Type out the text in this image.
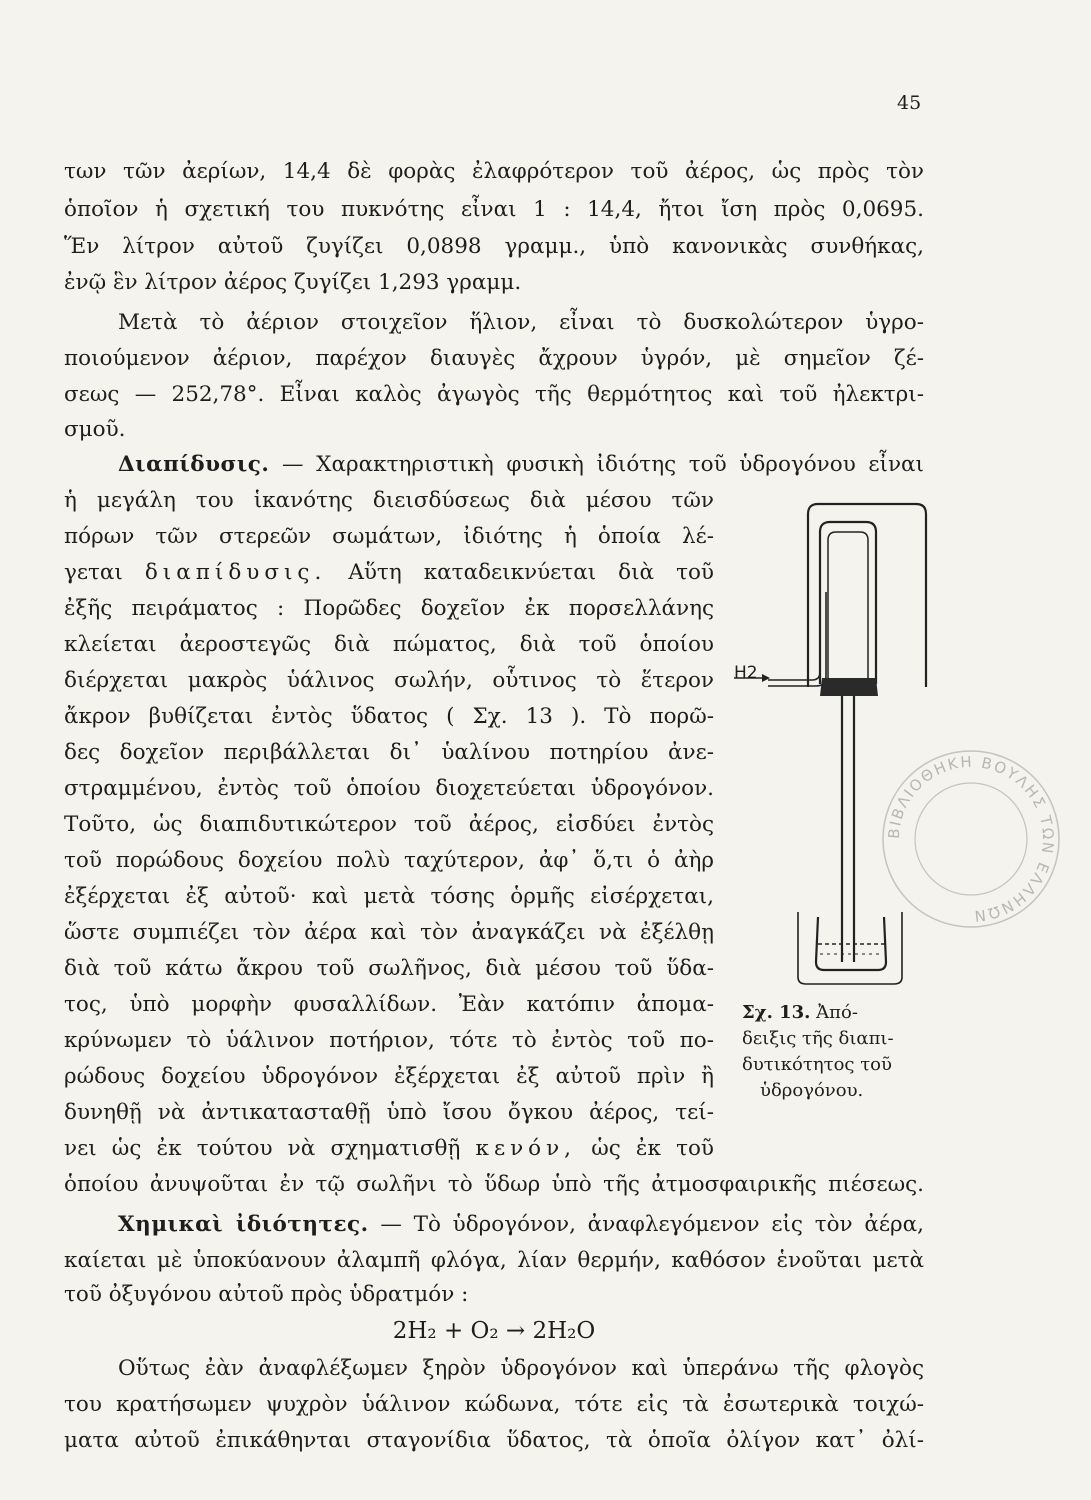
45
των τῶν ἀερίων, 14,4 δὲ φορὰς ἐλαφρότερον τοῦ ἀέρος, ὡς πρὸς τὸν
ὁποῖον ἡ σχετική του πυκνότης εἶναι 1 : 14,4, ἤτοι ἴση πρὸς 0,0695.
Ἕν λίτρον αὐτοῦ ζυγίζει 0,0898 γραμμ., ὑπὸ κανονικὰς συνθήκας,
ἐνῷ ἓν λίτρον ἀέρος ζυγίζει 1,293 γραμμ.
Μετὰ τὸ ἀέριον στοιχεῖον ἥλιον, εἶναι τὸ δυσκολώτερον ὑγρο-
ποιούμενον ἀέριον, παρέχον διαυγὲς ἄχρουν ὑγρόν, μὲ σημεῖον ζέ-
σεως — 252,78°. Εἶναι καλὸς ἀγωγὸς τῆς θερμότητος καὶ τοῦ ἠλεκτρι-
σμοῦ.
Διαπίδυσις. — Χαρακτηριστικὴ φυσικὴ ἰδιότης τοῦ ὑδρογόνου εἶναι
ἡ μεγάλη του ἱκανότης διεισδύσεως διὰ μέσου τῶν
πόρων τῶν στερεῶν σωμάτων, ἰδιότης ἡ ὁποία λέ-
γεται διαπίδυσις. Αὕτη καταδεικνύεται διὰ τοῦ
ἐξῆς πειράματος : Πορῶδες δοχεῖον ἐκ πορσελλάνης
κλείεται ἀεροστεγῶς διὰ πώματος, διὰ τοῦ ὁποίου
διέρχεται μακρὸς ὑάλινος σωλήν, οὗτινος τὸ ἕτερον
ἄκρον βυθίζεται ἐντὸς ὕδατος ( Σχ. 13 ). Τὸ πορῶ-
δες δοχεῖον περιβάλλεται δι᾽ ὑαλίνου ποτηρίου ἀνε-
στραμμένου, ἐντὸς τοῦ ὁποίου διοχετεύεται ὑδρογόνον.
Τοῦτο, ὡς διαπιδυτικώτερον τοῦ ἀέρος, εἰσδύει ἐντὸς
τοῦ πορώδους δοχείου πολὺ ταχύτερον, ἀφ᾽ ὅ,τι ὁ ἀὴρ
ἐξέρχεται ἐξ αὐτοῦ· καὶ μετὰ τόσης ὁρμῆς εἰσέρχεται,
ὥστε συμπιέζει τὸν ἀέρα καὶ τὸν ἀναγκάζει νὰ ἐξέλθῃ
διὰ τοῦ κάτω ἄκρου τοῦ σωλῆνος, διὰ μέσου τοῦ ὕδα-
τος, ὑπὸ μορφὴν φυσαλλίδων. Ἐὰν κατόπιν ἀπομα-
κρύνωμεν τὸ ὑάλινον ποτήριον, τότε τὸ ἐντὸς τοῦ πο-
ρώδους δοχείου ὑδρογόνον ἐξέρχεται ἐξ αὐτοῦ πρὶν ἢ
δυνηθῇ νὰ ἀντικατασταθῇ ὑπὸ ἴσου ὄγκου ἀέρος, τεί-
νει ὡς ἐκ τούτου νὰ σχηματισθῇ κενόν, ὡς ἐκ τοῦ
ὁποίου ἀνυψοῦται ἐν τῷ σωλῆνι τὸ ὕδωρ ὑπὸ τῆς ἀτμοσφαιρικῆς πιέσεως.
Χημικαὶ ἰδιότητες. — Τὸ ὑδρογόνον, ἀναφλεγόμενον εἰς τὸν ἀέρα,
καίεται μὲ ὑποκύανουν ἀλαμπῆ φλόγα, λίαν θερμήν, καθόσον ἑνοῦται μετὰ
τοῦ ὀξυγόνου αὐτοῦ πρὸς ὑδρατμόν :
2H₂ + O₂ → 2H₂O
Οὕτως ἐὰν ἀναφλέξωμεν ξηρὸν ὑδρογόνον καὶ ὑπεράνω τῆς φλογὸς
του κρατήσωμεν ψυχρὸν ὑάλινον κώδωνα, τότε εἰς τὰ ἐσωτερικὰ τοιχώ-
ματα αὐτοῦ ἐπικάθηνται σταγονίδια ὕδατος, τὰ ὁποῖα ὀλίγον κατ᾽ ὀλί-
H2
Σχ. 13. Ἀπό-
δειξις τῆς διαπι-
δυτικότητος τοῦ
ὑδρογόνου.
ΒΙΒΛΙΟΘΗΚΗ ΒΟΥΛΗΣ ΤΩΝ ΕΛΛΗΝΩΝ
